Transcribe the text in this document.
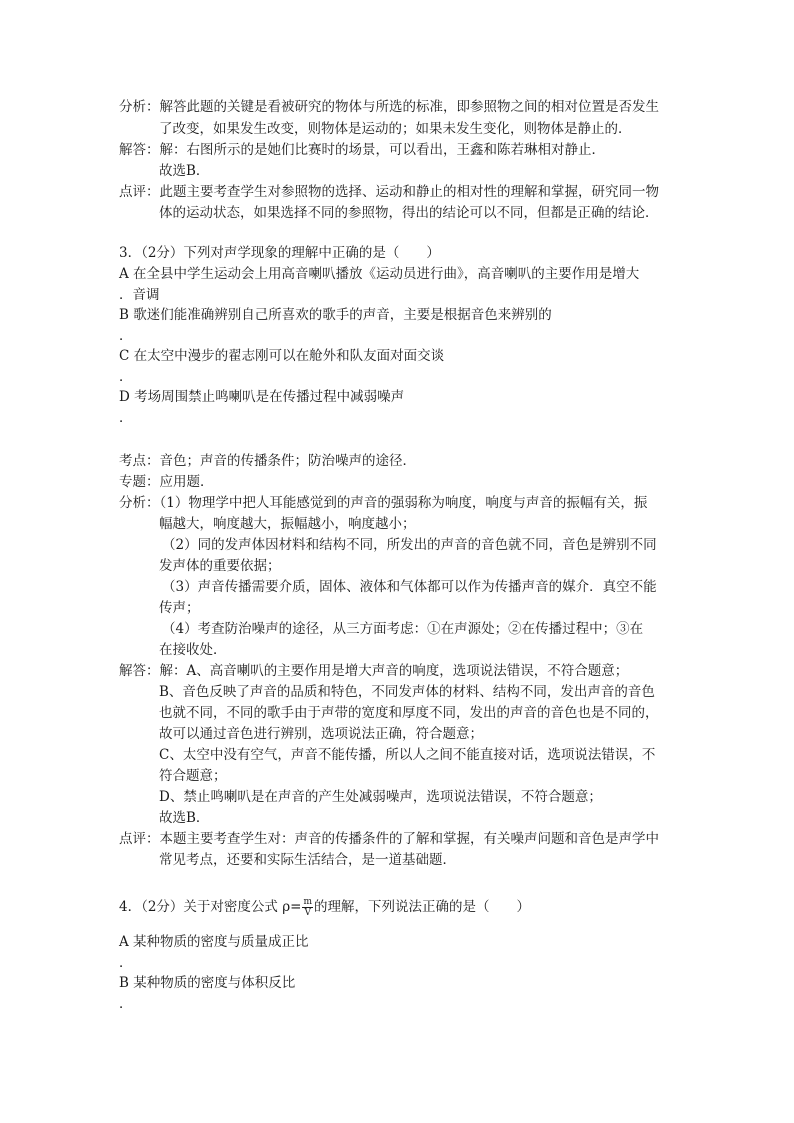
分析：解答此题的关键是看被研究的物体与所选的标准，即参照物之间的相对位置是否发生
了改变，如果发生改变，则物体是运动的；如果未发生变化，则物体是静止的．
解答：解：右图所示的是她们比赛时的场景，可以看出，王鑫和陈若琳相对静止．
故选B．
点评：此题主要考查学生对参照物的选择、运动和静止的相对性的理解和掌握，研究同一物
体的运动状态，如果选择不同的参照物，得出的结论可以不同，但都是正确的结论．
3．（2分）下列对声学现象的理解中正确的是（　　）
A 在全县中学生运动会上用高音喇叭播放《运动员进行曲》，高音喇叭的主要作用是增大
．音调
B 歌迷们能准确辨别自己所喜欢的歌手的声音，主要是根据音色来辨别的
．
C 在太空中漫步的翟志刚可以在舱外和队友面对面交谈
．
D 考场周围禁止鸣喇叭是在传播过程中减弱噪声
．
考点：音色；声音的传播条件；防治噪声的途径．
专题：应用题．
分析：（1）物理学中把人耳能感觉到的声音的强弱称为响度，响度与声音的振幅有关，振
幅越大，响度越大，振幅越小，响度越小；
（2）同的发声体因材料和结构不同，所发出的声音的音色就不同，音色是辨别不同
发声体的重要依据；
（3）声音传播需要介质，固体、液体和气体都可以作为传播声音的媒介．真空不能
传声；
（4）考查防治噪声的途径，从三方面考虑：①在声源处；②在传播过程中；③在
在接收处．
解答：解：A、高音喇叭的主要作用是增大声音的响度，选项说法错误，不符合题意；
B、音色反映了声音的品质和特色，不同发声体的材料、结构不同，发出声音的音色
也就不同，不同的歌手由于声带的宽度和厚度不同，发出的声音的音色也是不同的，
故可以通过音色进行辨别，选项说法正确，符合题意；
C、太空中没有空气，声音不能传播，所以人之间不能直接对话，选项说法错误，不
符合题意；
D、禁止鸣喇叭是在声音的产生处减弱噪声，选项说法错误，不符合题意；
故选B．
点评：本题主要考查学生对：声音的传播条件的了解和掌握，有关噪声问题和音色是声学中
常见考点，还要和实际生活结合，是一道基础题．
4．（2分）关于对密度公式 $\rho= \frac{m}{V}$ 的理解，下列说法正确的是（　　）
A 某种物质的密度与质量成正比
．
B 某种物质的密度与体积反比
．
